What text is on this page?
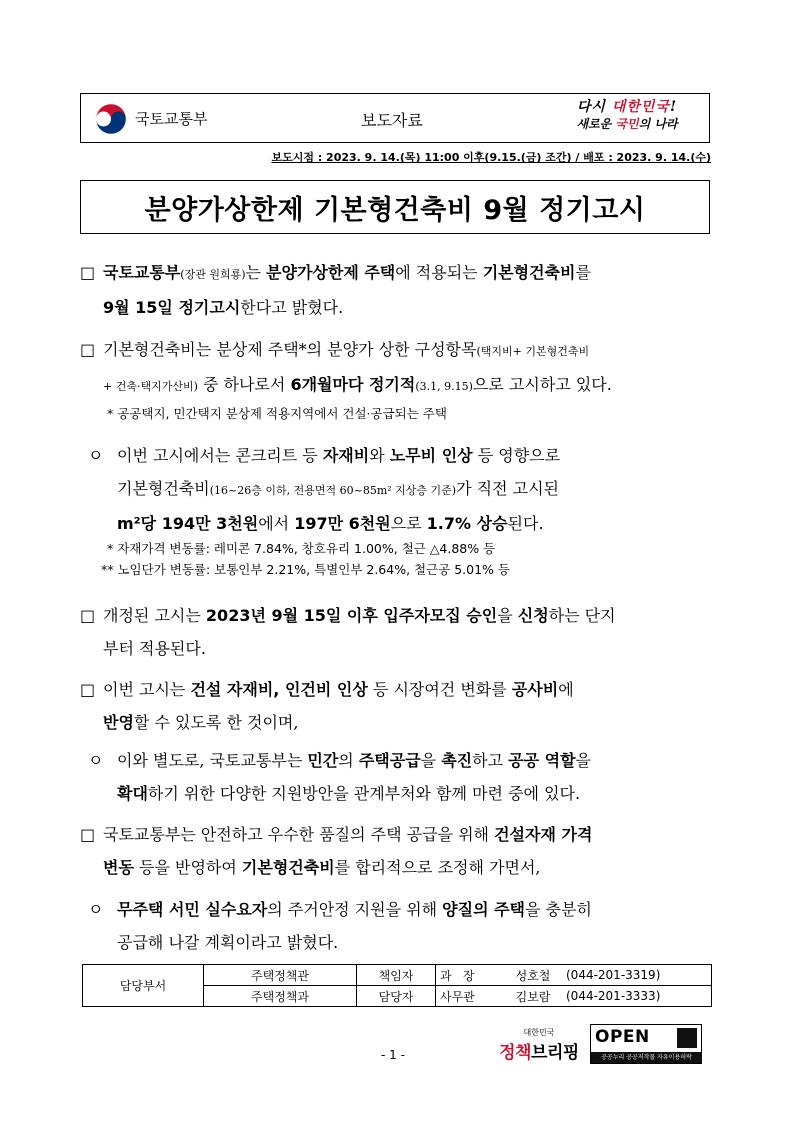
국토교통부	보도자료
다시 대한민국!
새로운 국민의 나라
보도시점 : 2023. 9. 14.(목) 11:00 이후(9.15.(금) 조간) / 배포 : 2023. 9. 14.(수)
분양가상한제 기본형건축비 9월 정기고시
□ 국토교통부(장관 원희룡)는 분양가상한제 주택에 적용되는 기본형건축비를
9월 15일 정기고시한다고 밝혔다.
□ 기본형건축비는 분상제 주택*의 분양가 상한 구성항목(택지비+ 기본형건축비
+ 건축·택지가산비) 중 하나로서 6개월마다 정기적(3.1, 9.15)으로 고시하고 있다.
* 공공택지, 민간택지 분상제 적용지역에서 건설·공급되는 주택
ㅇ 이번 고시에서는 콘크리트 등 자재비와 노무비 인상 등 영향으로
기본형건축비(16~26층 이하, 전용면적 60~85m² 지상층 기준)가 직전 고시된
m²당 194만 3천원에서 197만 6천원으로 1.7% 상승된다.
* 자재가격 변동률: 레미콘 7.84%, 창호유리 1.00%, 철근 △4.88% 등
** 노임단가 변동률: 보통인부 2.21%, 특별인부 2.64%, 철근공 5.01% 등
□ 개정된 고시는 2023년 9월 15일 이후 입주자모집 승인을 신청하는 단지
부터 적용된다.
□ 이번 고시는 건설 자재비, 인건비 인상 등 시장여건 변화를 공사비에
반영할 수 있도록 한 것이며,
ㅇ 이와 별도로, 국토교통부는 민간의 주택공급을 촉진하고 공공 역할을
확대하기 위한 다양한 지원방안을 관계부처와 함께 마련 중에 있다.
□ 국토교통부는 안전하고 우수한 품질의 주택 공급을 위해 건설자재 가격
변동 등을 반영하여 기본형건축비를 합리적으로 조정해 가면서,
ㅇ 무주택 서민 실수요자의 주거안정 지원을 위해 양질의 주택을 충분히
공급해 나갈 계획이라고 밝혔다.
담당부서	주택정책관	책임자	과   장	성호철	(044-201-3319)
	주택정책과	담당자	사무관	김보람	(044-201-3333)
- 1 -
대한민국
정책브리핑
OPEN
공공누리 공공저작물 자유이용허락
